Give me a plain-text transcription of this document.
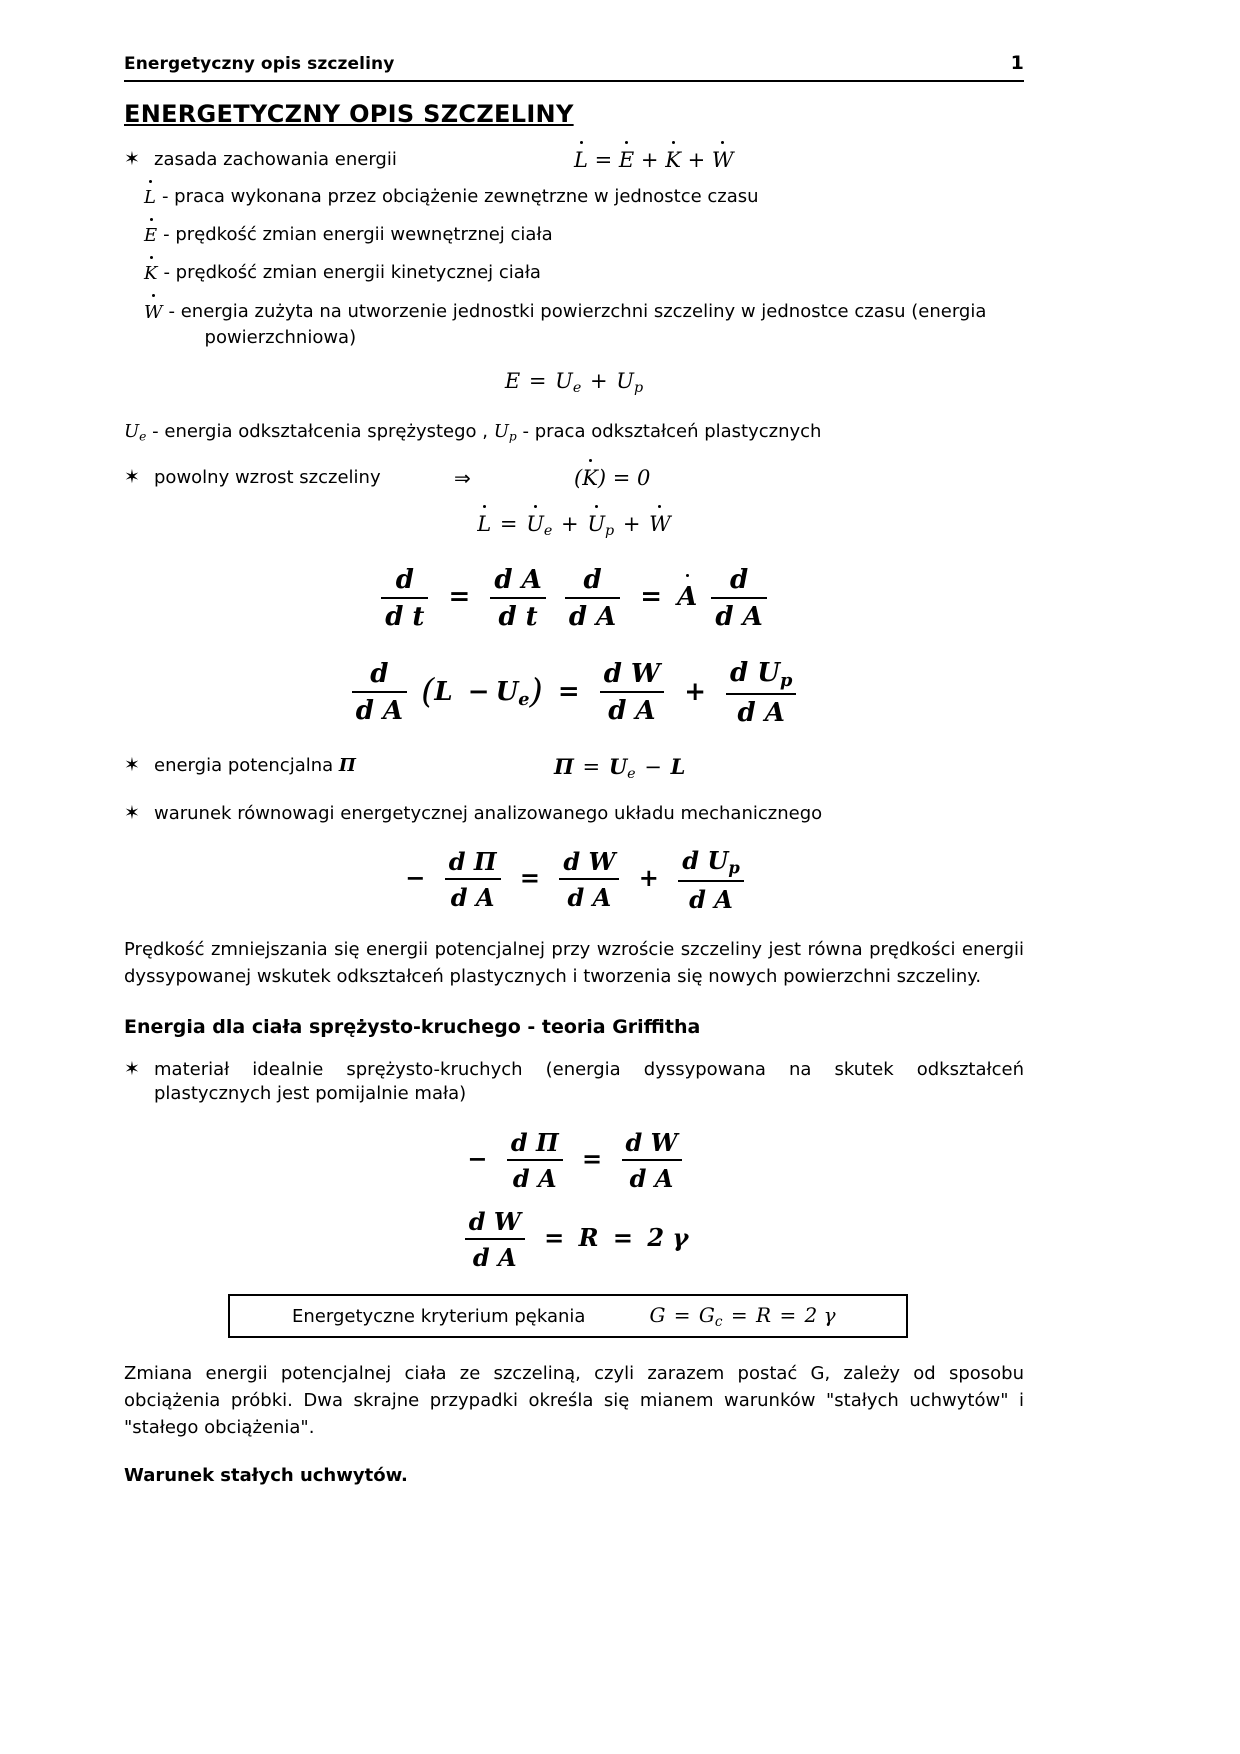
Energetyczny opis szczeliny	1
ENERGETYCZNY OPIS SZCZELINY
✶ zasada zachowania energii	L = E + K + W
L - praca wykonana przez obciążenie zewnętrzne w jednostce czasu
E - prędkość zmian energii wewnętrznej ciała
K - prędkość zmian energii kinetycznej ciała
W - energia zużyta na utworzenie jednostki powierzchni szczeliny w jednostce czasu (energia
powierzchniowa)
$E = U_e + U_p$
$U_e$ - energia odkształcenia sprężystego , $U_p$ - praca odkształceń plastycznych
✶ powolny wzrost szczeliny	⇒	(K) = 0
$L = U_e + U_p + W$
$\frac{d}{\text{d t}} = \frac{\text{d A}}{\text{d t}}$
$\frac{d}{\text{d A}} = A \frac{d}{\text{d A}}$
$\frac{d}{\text{d A}} (L - U_e) = \frac{\text{d W}}{\text{d A}} + \frac{d U_p}{\text{d A}}$
✶ energia potencjalna Π	$\Pi = U_e - L$
✶ warunek równowagi energetycznej analizowanego układu mechanicznego
− $\frac{\text{d Π}}{\text{d A}} = \frac{\text{d W}}{\text{d A}} + \frac{d U_p}{\text{d A}}$
Prędkość zmniejszania się energii potencjalnej przy wzroście szczeliny jest równa prędkości energii dyssypowanej wskutek odkształceń plastycznych i tworzenia się nowych powierzchni szczeliny.
Energia dla ciała sprężysto-kruchego - teoria Griffitha
✶ materiał idealnie sprężysto-kruchych (energia dyssypowana na skutek odkształceń plastycznych jest pomijalnie mała)
− $\frac{\text{d Π}}{\text{d A}} = \frac{\text{d W}}{\text{d A}}$
$\frac{\text{d W}}{\text{d A}} = R = 2$ γ
Energetyczne kryterium pękania	$G = G_c = R = 2$ γ
Zmiana energii potencjalnej ciała ze szczeliną, czyli zarazem postać G, zależy od sposobu obciążenia próbki. Dwa skrajne przypadki określa się mianem warunków "stałych uchwytów" i "stałego obciążenia".
Warunek stałych uchwytów.
